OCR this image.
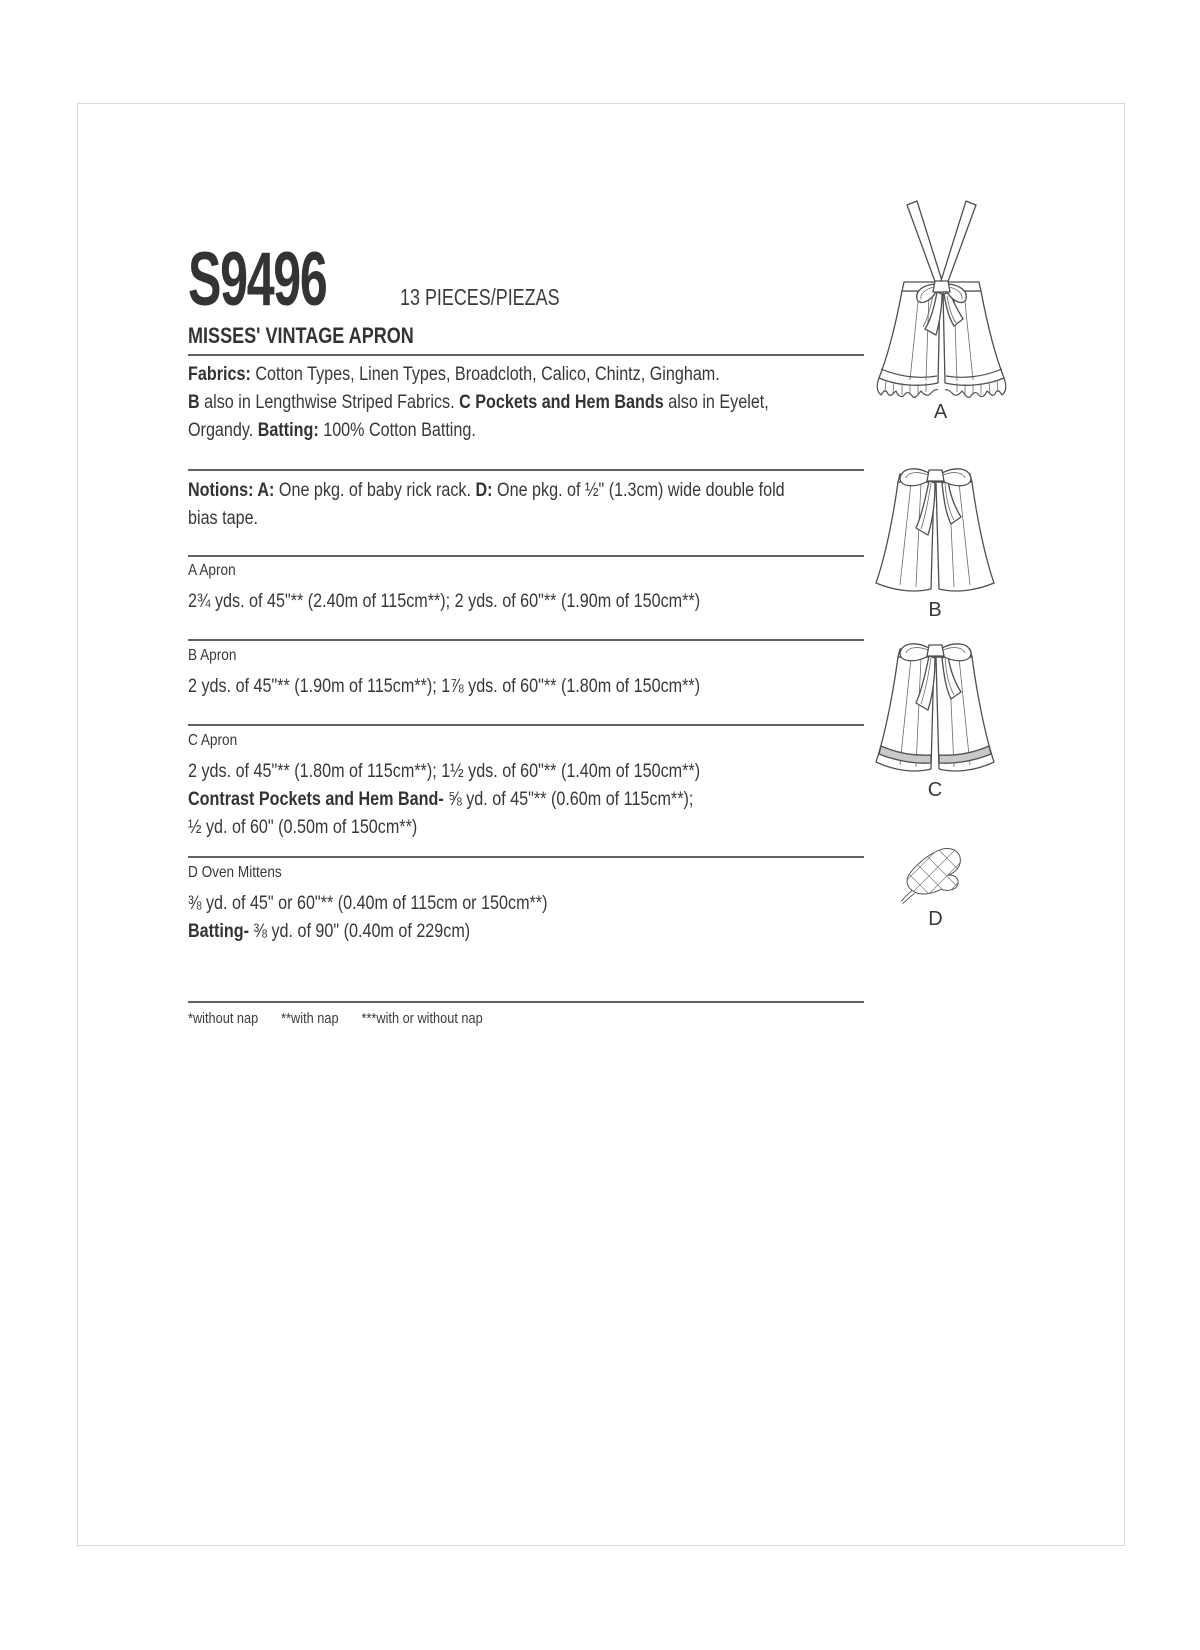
S9496	13 PIECES/PIEZAS
MISSES' VINTAGE APRON
Fabrics: Cotton Types, Linen Types, Broadcloth, Calico, Chintz, Gingham.
B also in Lengthwise Striped Fabrics. C Pockets and Hem Bands also in Eyelet,
Organdy. Batting: 100% Cotton Batting.
Notions: A: One pkg. of baby rick rack. D: One pkg. of ½" (1.3cm) wide double fold
bias tape.
A Apron
2¾ yds. of 45"** (2.40m of 115cm**); 2 yds. of 60"** (1.90m of 150cm**)
B Apron
2 yds. of 45"** (1.90m of 115cm**); 1⅞ yds. of 60"** (1.80m of 150cm**)
C Apron
2 yds. of 45"** (1.80m of 115cm**); 1½ yds. of 60"** (1.40m of 150cm**)
Contrast Pockets and Hem Band- ⅝ yd. of 45"** (0.60m of 115cm**);
½ yd. of 60" (0.50m of 150cm**)
D Oven Mittens
⅜ yd. of 45" or 60"** (0.40m of 115cm or 150cm**)
Batting- ⅜ yd. of 90" (0.40m of 229cm)
*without nap **with nap ***with or without nap
A
B
C
D
